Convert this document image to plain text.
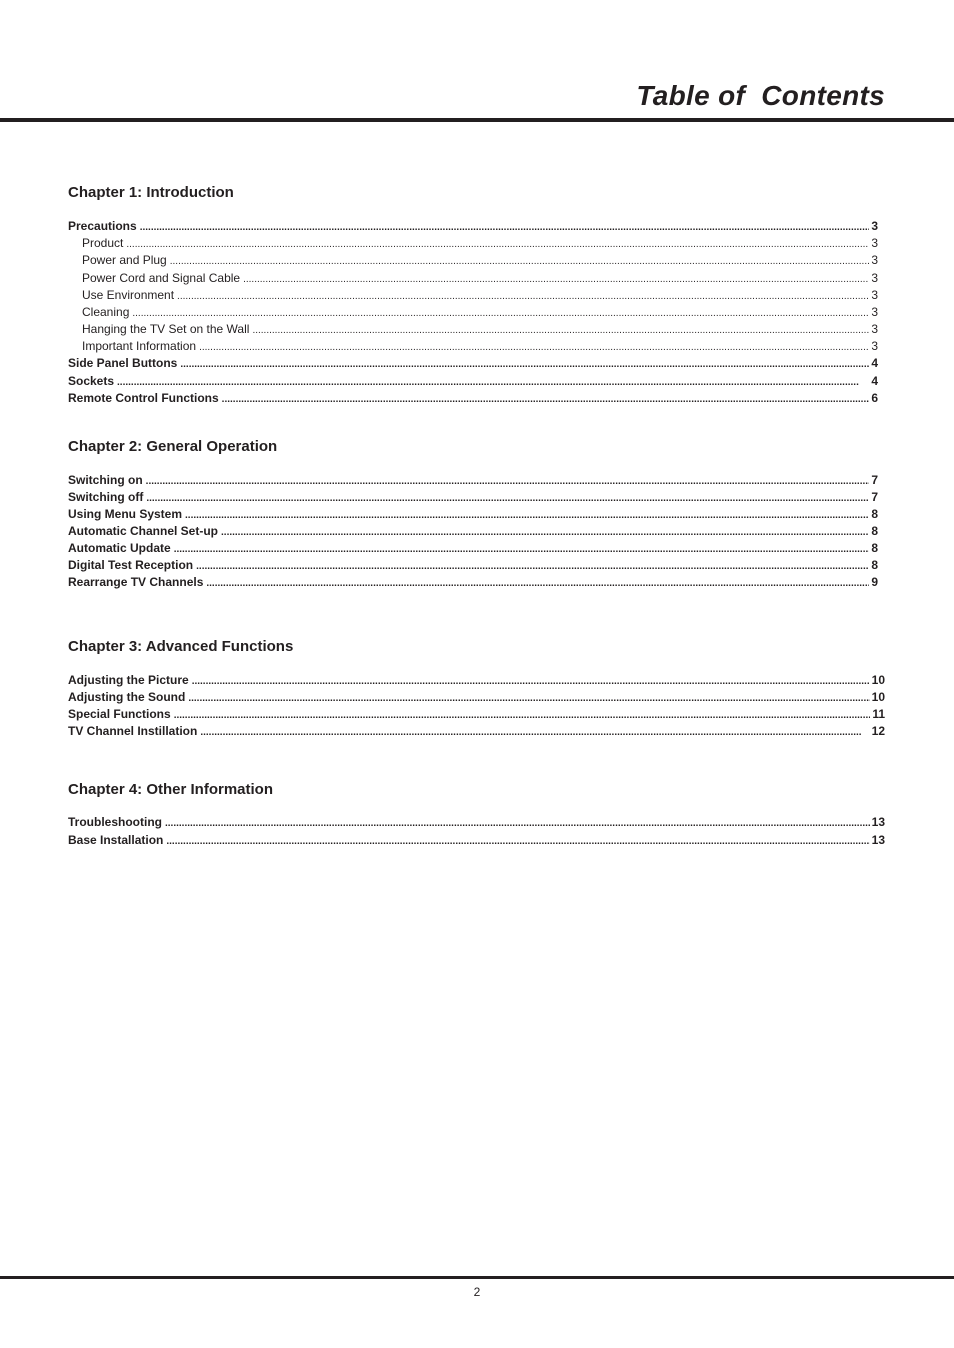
Table of  Contents
Chapter 1: Introduction
Precautions .....	3
Product .....	3
Power and Plug .....	3
Power Cord and Signal Cable .....	3
Use Environment .....	3
Cleaning .....	3
Hanging the TV Set on the Wall .....	3
Important Information .....	3
Side Panel Buttons .....	4
Sockets .....	4
Remote Control Functions .....	6
Chapter 2: General Operation
Switching on .....	7
Switching off .....	7
Using Menu System .....	8
Automatic Channel Set-up .....	8
Automatic Update .....	8
Digital Test Reception .....	8
Rearrange TV Channels .....	9
Chapter 3: Advanced Functions
Adjusting the Picture .....	10
Adjusting the Sound .....	10
Special Functions .....	11
TV Channel Instillation .....	12
Chapter 4: Other Information
Troubleshooting .....	13
Base Installation .....	13
2
